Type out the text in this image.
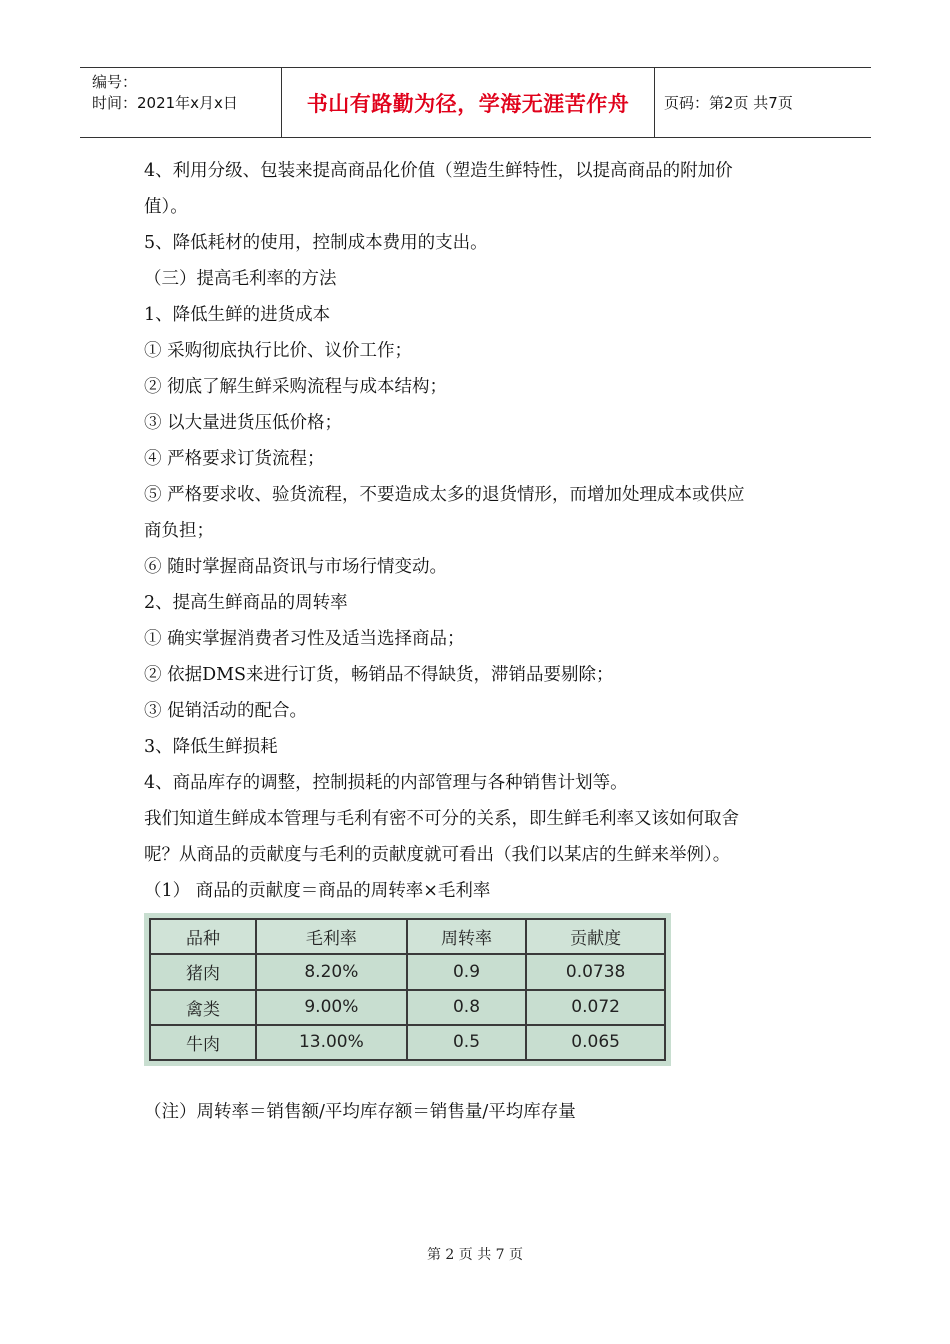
编号：
时间：2021年x月x日	书山有路勤为径，学海无涯苦作舟	页码：第2页 共7页
4、利用分级、包装来提高商品化价值（塑造生鲜特性，以提高商品的附加价
值）。
5、降低耗材的使用，控制成本费用的支出。
（三）提高毛利率的方法
1、降低生鲜的进货成本
① 采购彻底执行比价、议价工作；
② 彻底了解生鲜采购流程与成本结构；
③ 以大量进货压低价格；
④ 严格要求订货流程；
⑤ 严格要求收、验货流程，不要造成太多的退货情形，而增加处理成本或供应
商负担；
⑥ 随时掌握商品资讯与市场行情变动。
2、提高生鲜商品的周转率
① 确实掌握消费者习性及适当选择商品；
② 依据DMS来进行订货，畅销品不得缺货，滞销品要剔除；
③ 促销活动的配合。
3、降低生鲜损耗
4、商品库存的调整，控制损耗的内部管理与各种销售计划等。
我们知道生鲜成本管理与毛利有密不可分的关系，即生鲜毛利率又该如何取舍
呢？从商品的贡献度与毛利的贡献度就可看出（我们以某店的生鲜来举例）。
（1） 商品的贡献度＝商品的周转率×毛利率
品种	毛利率	周转率	贡献度
猪肉	8.20%	0.9	0.0738
禽类	9.00%	0.8	0.072
牛肉	13.00%	0.5	0.065
（注）周转率＝销售额/平均库存额＝销售量/平均库存量
第 2 页 共 7 页
